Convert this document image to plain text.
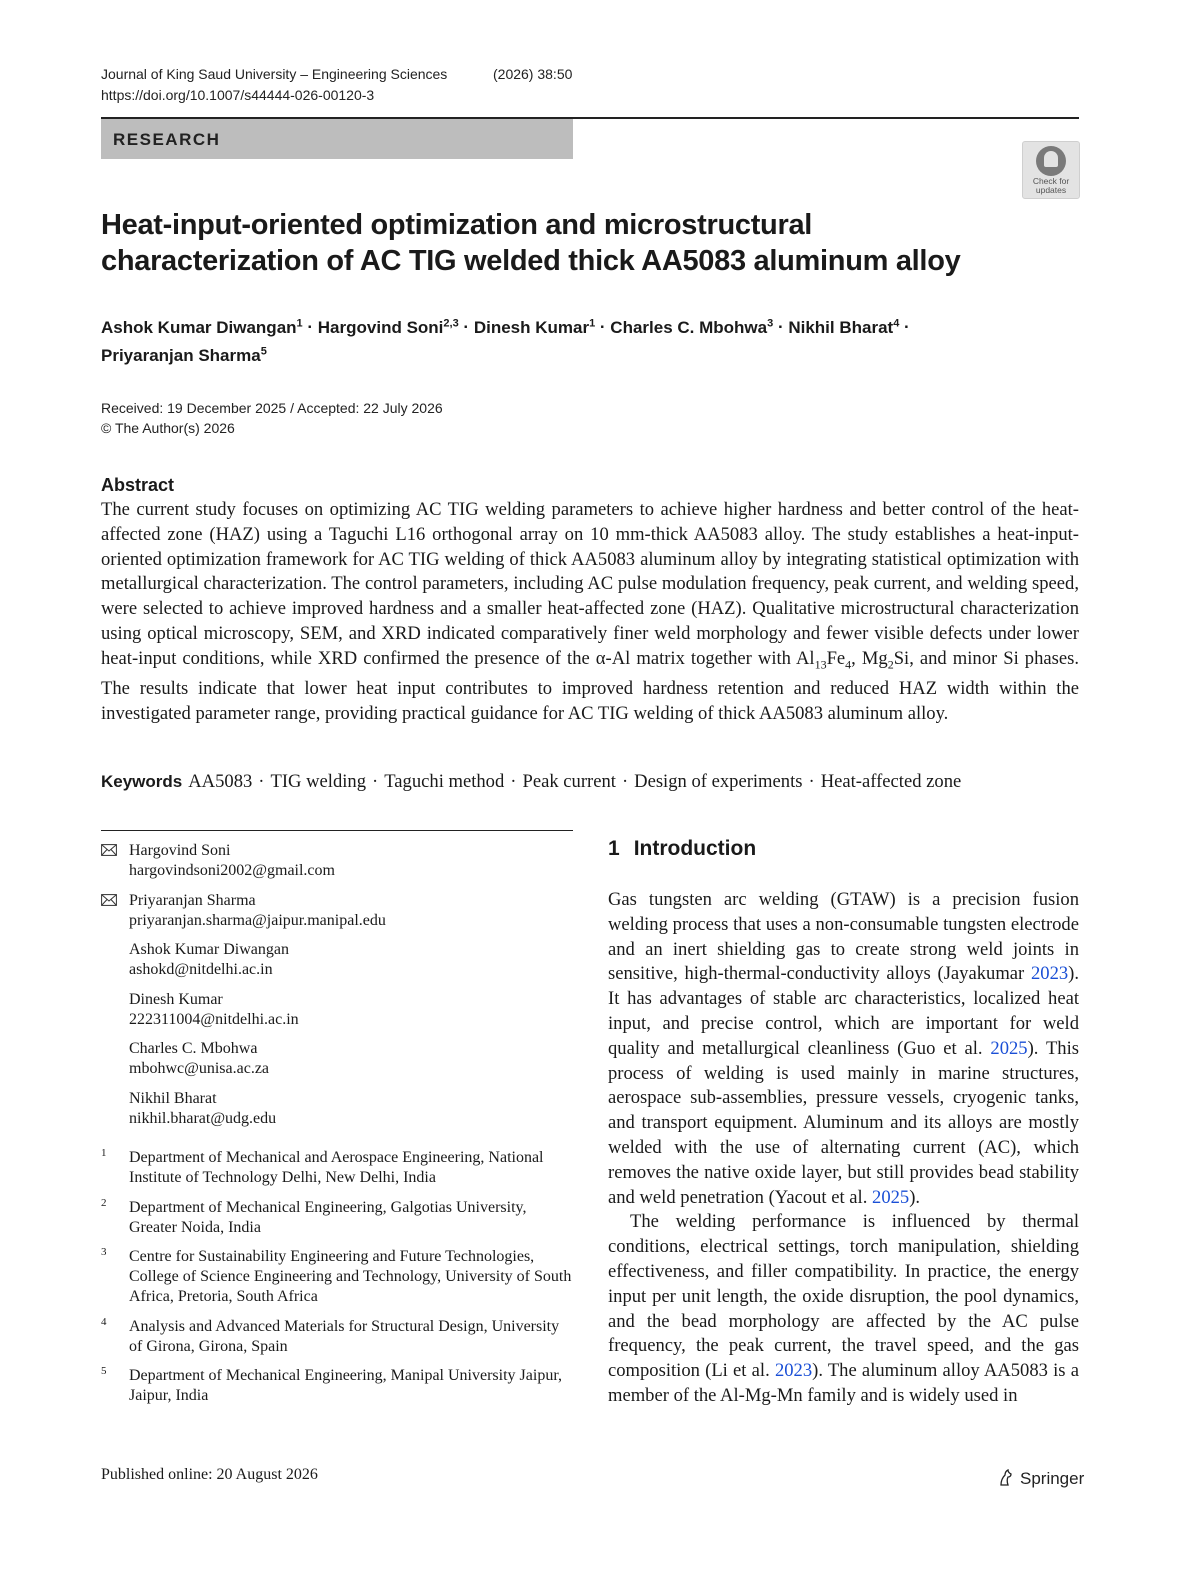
Journal of King Saud University – Engineering Sciences	(2026) 38:50
https://doi.org/10.1007/s44444-026-00120-3
RESEARCH
Check for
updates
Heat-input-oriented optimization and microstructural
characterization of AC TIG welded thick AA5083 aluminum alloy
Ashok Kumar Diwangan$^1$ · Hargovind Soni$^{2,3}$ · Dinesh Kumar$^1$ · Charles C. Mbohwa$^3$ · Nikhil Bharat$^4$ ·
Priyaranjan Sharma$^5$
Received: 19 December 2025 / Accepted: 22 July 2026
© The Author(s) 2026
Abstract
The current study focuses on optimizing AC TIG welding parameters to achieve higher hardness and better control of the heat-affected zone (HAZ) using a Taguchi L16 orthogonal array on 10 mm-thick AA5083 alloy. The study establishes a heat-input-oriented optimization framework for AC TIG welding of thick AA5083 aluminum alloy by integrating statistical optimization with metallurgical characterization. The control parameters, including AC pulse modulation frequency, peak current, and welding speed, were selected to achieve improved hardness and a smaller heat-affected zone (HAZ). Qualitative microstructural characterization using optical microscopy, SEM, and XRD indicated comparatively finer weld morphology and fewer visible defects under lower heat-input conditions, while XRD confirmed the presence of the α-Al matrix together with $Al_{13}Fe_4$, $Mg_2Si$, and minor Si phases. The results indicate that lower heat input contributes to improved hardness retention and reduced HAZ width within the investigated parameter range, providing practical guidance for AC TIG welding of thick AA5083 aluminum alloy.
Keywords AA5083 · TIG welding · Taguchi method · Peak current · Design of experiments · Heat-affected zone
Hargovind Soni
hargovindsoni2002@gmail.com
Priyaranjan Sharma
priyaranjan.sharma@jaipur.manipal.edu
Ashok Kumar Diwangan
ashokd@nitdelhi.ac.in
Dinesh Kumar
222311004@nitdelhi.ac.in
Charles C. Mbohwa
mbohwc@unisa.ac.za
Nikhil Bharat
nikhil.bharat@udg.edu
1 Department of Mechanical and Aerospace Engineering, National Institute of Technology Delhi, New Delhi, India
2 Department of Mechanical Engineering, Galgotias University, Greater Noida, India
3 Centre for Sustainability Engineering and Future Technologies, College of Science Engineering and Technology, University of South Africa, Pretoria, South Africa
4 Analysis and Advanced Materials for Structural Design, University of Girona, Girona, Spain
5 Department of Mechanical Engineering, Manipal University Jaipur, Jaipur, India
1 Introduction

Gas tungsten arc welding (GTAW) is a precision fusion welding process that uses a non-consumable tungsten electrode and an inert shielding gas to create strong weld joints in sensitive, high-thermal-conductivity alloys (Jayakumar 2023). It has advantages of stable arc characteristics, localized heat input, and precise control, which are important for weld quality and metallurgical cleanliness (Guo et al. 2025). This process of welding is used mainly in marine structures, aerospace sub-assemblies, pressure vessels, cryogenic tanks, and transport equipment. Aluminum and its alloys are mostly welded with the use of alternating current (AC), which removes the native oxide layer, but still provides bead stability and weld penetration (Yacout et al. 2025).

The welding performance is influenced by thermal conditions, electrical settings, torch manipulation, shielding effectiveness, and filler compatibility. In practice, the energy input per unit length, the oxide disruption, the pool dynamics, and the bead morphology are affected by the AC pulse frequency, the peak current, the travel speed, and the gas composition (Li et al. 2023). The aluminum alloy AA5083 is a member of the Al-Mg-Mn family and is widely used in

Published online: 20 August 2026	Springer
